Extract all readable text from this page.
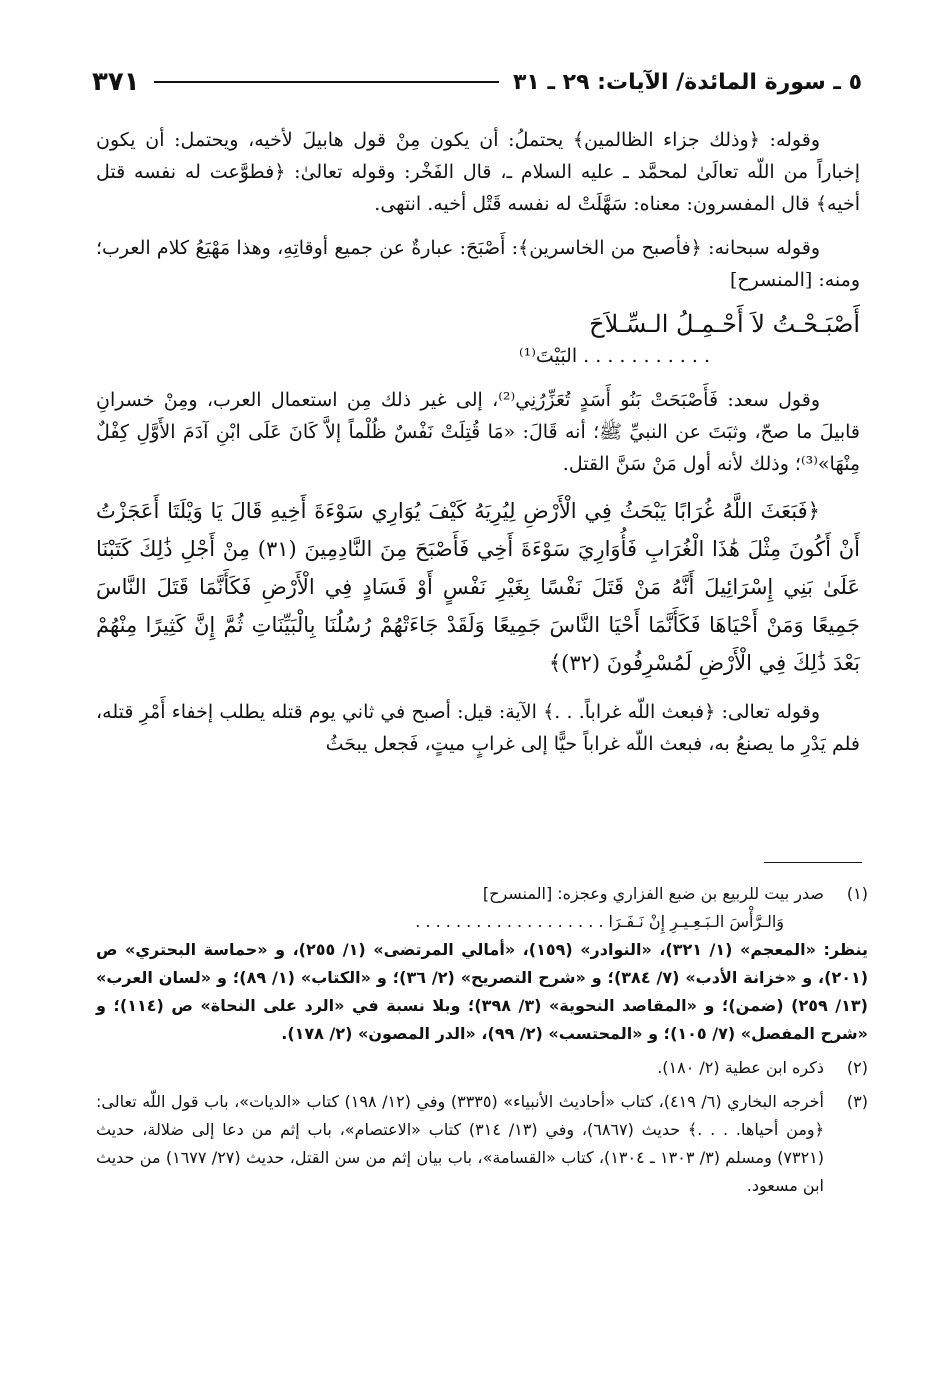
٣٧١	٥ ـ سورة المائدة/ الآيات: ٢٩ ـ ٣١

وقوله: ﴿وذلك جزاء الظالمين﴾ يحتملُ: أن يكون مِنْ قول هابيلَ لأخيه، ويحتمل: أن يكون إخباراً من اللّه تعالَىٰ لمحمَّد ـ عليه السلام ـ، قال الفَخْر: وقوله تعالىٰ: ﴿فطوَّعت له نفسه قتل أخيه﴾ قال المفسرون: معناه: سَهَّلَتْ له نفسه قَتْل أخيه. انتهى.

وقوله سبحانه: ﴿فأصبح من الخاسرين﴾: أَصْبَحَ: عبارةٌ عن جميع أوقاتِهِ، وهذا مَهْيَعُ كلام العرب؛ ومنه: [المنسرح]

أَصْبَـحْـتُ لاَ أَحْـمِـلُ الـسِّـلاَحَ
. . . . . . . . . . . البَيْتَ⁽¹⁾

وقول سعد: فَأَصْبَحَتْ بَنُو أَسَدٍ تُعَزِّرُنِي⁽²⁾، إلى غير ذلك مِن استعمال العرب، ومِنْ خسرانِ قابيلَ ما صحّ، وثبَتَ عن النبيِّ ﷺ؛ أنه قَالَ: «مَا قُتِلَتْ نَفْسٌ ظُلْماً إلاَّ كَانَ عَلَى ابْنِ آدَمَ الأَوَّلِ كِفْلٌ مِنْهَا»⁽³⁾؛ وذلك لأنه أول مَنْ سَنَّ القتل.

﴿فَبَعَثَ اللَّهُ غُرَابًا يَبْحَثُ فِي الْأَرْضِ لِيُرِيَهُ كَيْفَ يُوَارِي سَوْءَةَ أَخِيهِ قَالَ يَا وَيْلَتَا أَعَجَزْتُ أَنْ أَكُونَ مِثْلَ هَٰذَا الْغُرَابِ فَأُوَارِيَ سَوْءَةَ أَخِي فَأَصْبَحَ مِنَ النَّادِمِينَ (٣١) مِنْ أَجْلِ ذَٰلِكَ كَتَبْنَا عَلَىٰ بَنِي إِسْرَائِيلَ أَنَّهُ مَنْ قَتَلَ نَفْسًا بِغَيْرِ نَفْسٍ أَوْ فَسَادٍ فِي الْأَرْضِ فَكَأَنَّمَا قَتَلَ النَّاسَ جَمِيعًا وَمَنْ أَحْيَاهَا فَكَأَنَّمَا أَحْيَا النَّاسَ جَمِيعًا وَلَقَدْ جَاءَتْهُمْ رُسُلُنَا بِالْبَيِّنَاتِ ثُمَّ إِنَّ كَثِيرًا مِنْهُمْ بَعْدَ ذَٰلِكَ فِي الْأَرْضِ لَمُسْرِفُونَ (٣٢)﴾

وقوله تعالى: ﴿فبعث اللّه غراباً. . .﴾ الآية: قيل: أصبح في ثاني يوم قتله يطلب إخفاء أَمْرِ قتله، فلم يَدْرِ ما يصنعُ به، فبعث اللّه غراباً حيًّا إلى غرابٍ ميتٍ، فَجعل يبحَثُ

(١)
صدر بيت للربيع بن ضبع الفزاري وعجزه: [المنسرح]
وَالـرَّأْسَ الـبَـعِـيـرِ إِنْ نَـفَـرَا . . . . . . . . . . . . . . . . . . .
ينظر: «المعجم» (١/ ٣٢١)، «النوادر» (١٥٩)، «أمالي المرتضى» (١/ ٢٥٥)، و «حماسة البحتري» ص (٢٠١)، و «خزانة الأدب» (٧/ ٣٨٤)؛ و «شرح التصريح» (٢/ ٣٦)؛ و «الكتاب» (١/ ٨٩)؛ و «لسان العرب» (١٣/ ٢٥٩) (ضمن)؛ و «المقاصد النحوية» (٣/ ٣٩٨)؛ وبلا نسبة في «الرد على النحاة» ص (١١٤)؛ و «شرح المفصل» (٧/ ١٠٥)؛ و «المحتسب» (٢/ ٩٩)، «الدر المصون» (٢/ ١٧٨).
(٢)
ذكره ابن عطية (٢/ ١٨٠).
(٣)
أخرجه البخاري (٦/ ٤١٩)، كتاب «أحاديث الأنبياء» (٣٣٣٥) وفي (١٢/ ١٩٨) كتاب «الديات»، باب قول اللّه تعالى: ﴿ومن أحياها. . . .﴾ حديث (٦٨٦٧)، وفي (١٣/ ٣١٤) كتاب «الاعتصام»، باب إثم من دعا إلى ضلالة، حديث (٧٣٢١) ومسلم (٣/ ١٣٠٣ ـ ١٣٠٤)، كتاب «القسامة»، باب بيان إثم من سن القتل، حديث (٢٧/ ١٦٧٧) من حديث ابن مسعود.
